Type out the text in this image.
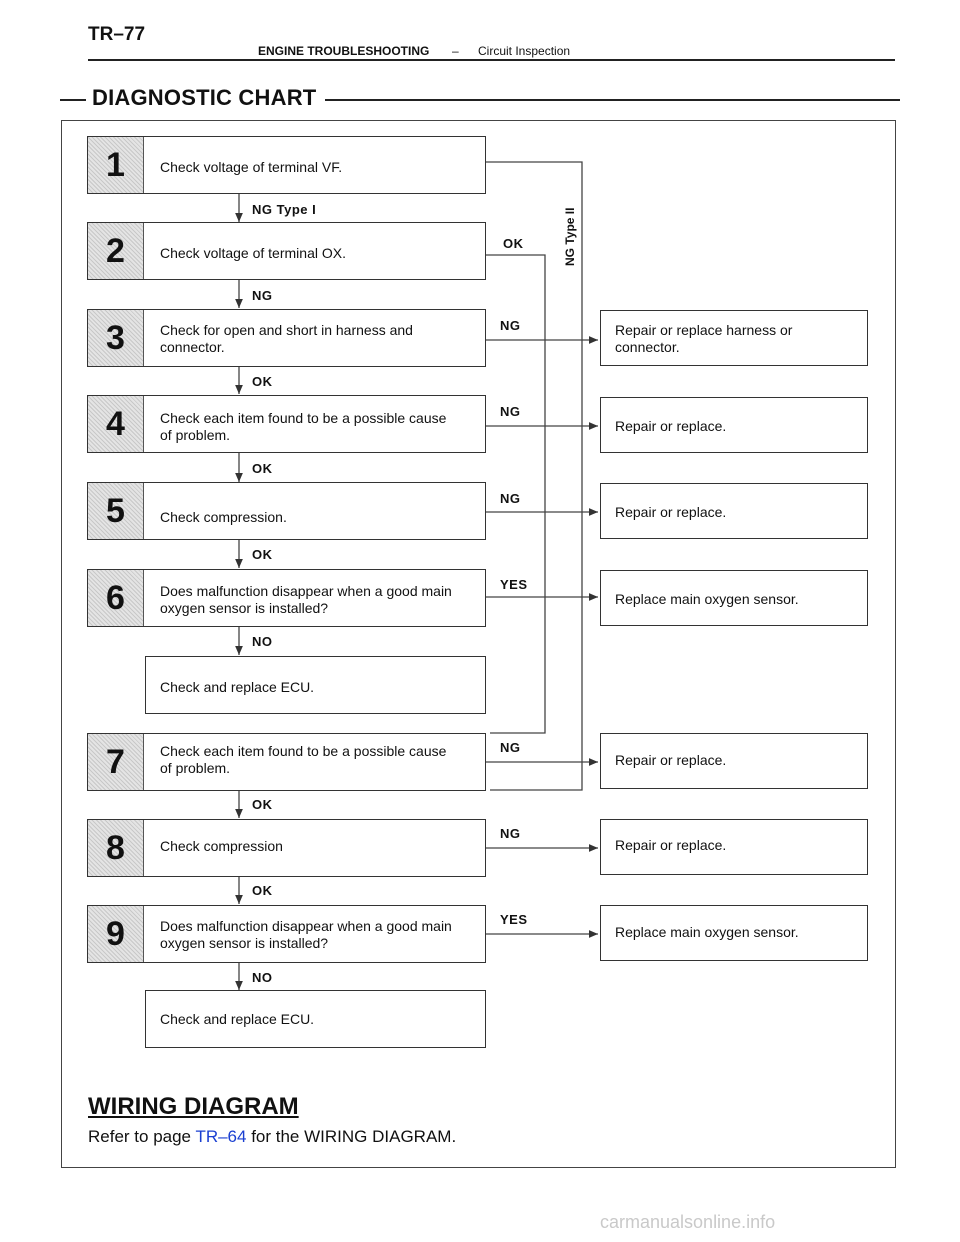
TR–77
ENGINE TROUBLESHOOTING – Circuit Inspection
DIAGNOSTIC CHART
1	Check voltage of terminal VF.
2	Check voltage of terminal OX.
3	Check for open and short in harness and
connector.
4	Check each item found to be a possible cause
of problem.
5	Check compression.
6	Does malfunction disappear when a good main
oxygen sensor is installed?
Check and replace ECU.
7	Check each item found to be a possible cause
of problem.
8	Check compression
9	Does malfunction disappear when a good main
oxygen sensor is installed?
Check and replace ECU.
Repair or replace harness or
connector.
Repair or replace.
Repair or replace.
Replace main oxygen sensor.
Repair or replace.
Repair or replace.
Replace main oxygen sensor.
NG Type I
NG
OK
OK
OK
NO
OK
OK
NO
OK
NG
NG
NG
YES
NG
NG
YES
NG Type II
WIRING DIAGRAM
Refer to page TR–64 for the WIRING DIAGRAM.
carmanualsonline.info
